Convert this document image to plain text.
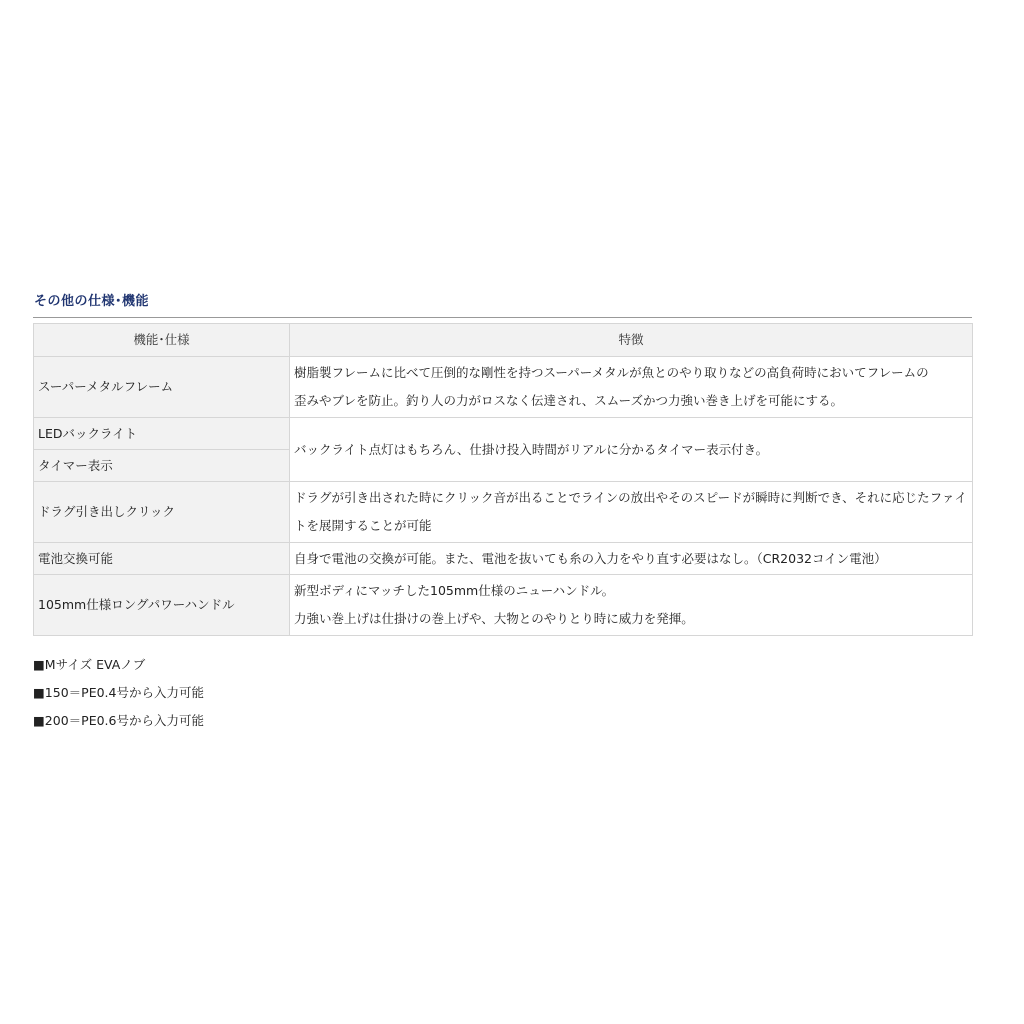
その他の仕様･機能
機能･仕様	特徴
スーパーメタルフレーム	樹脂製フレームに比べて圧倒的な剛性を持つスーパーメタルが魚とのやり取りなどの高負荷時においてフレームの
歪みやブレを防止。釣り人の力がロスなく伝達され、スムーズかつ力強い巻き上げを可能にする。

LEDバックライト	バックライト点灯はもちろん、仕掛け投入時間がリアルに分かるタイマー表示付き。

タイマー表示	
ドラグ引き出しクリック	ドラグが引き出された時にクリック音が出ることでラインの放出やそのスピードが瞬時に判断でき、それに応じたファイ
トを展開することが可能

電池交換可能	自身で電池の交換が可能。また、電池を抜いても糸の入力をやり直す必要はなし。（CR2032コイン電池）

105mm仕様ロングパワーハンドル	新型ボディにマッチした105mm仕様のニューハンドル。
力強い巻上げは仕掛けの巻上げや、大物とのやりとり時に威力を発揮。
■Mサイズ EVAノブ
■150＝PE0.4号から入力可能
■200＝PE0.6号から入力可能
